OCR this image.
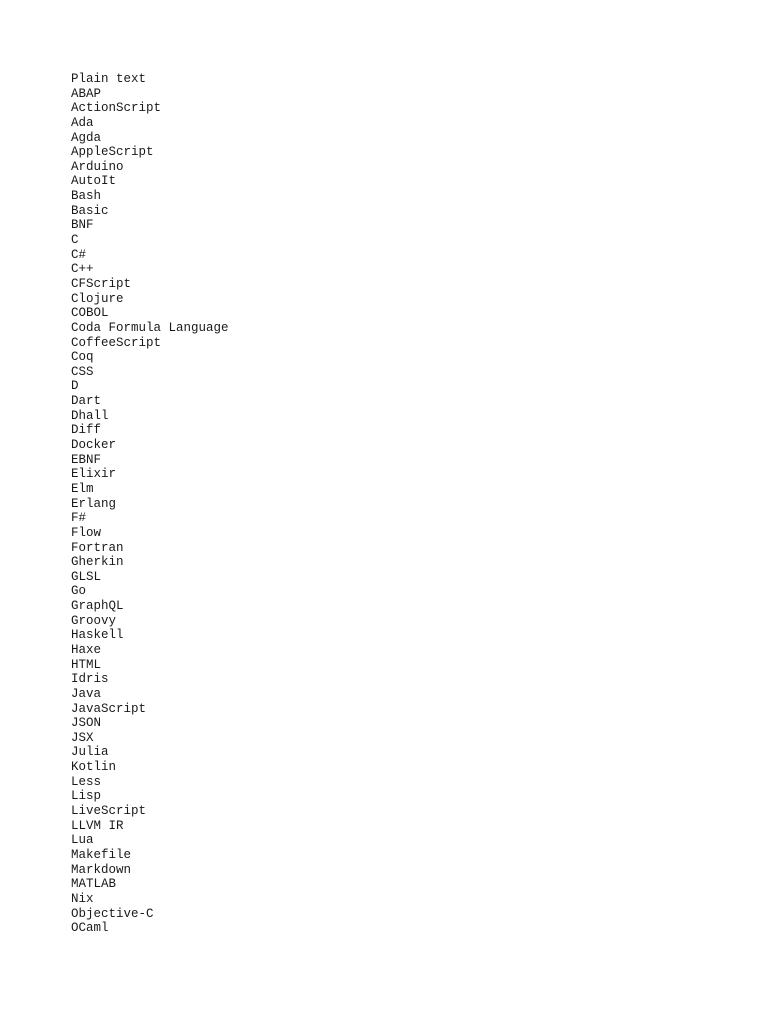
Plain text
ABAP
ActionScript
Ada
Agda
AppleScript
Arduino
AutoIt
Bash
Basic
BNF
C
C#
C++
CFScript
Clojure
COBOL
Coda Formula Language
CoffeeScript
Coq
CSS
D
Dart
Dhall
Diff
Docker
EBNF
Elixir
Elm
Erlang
F#
Flow
Fortran
Gherkin
GLSL
Go
GraphQL
Groovy
Haskell
Haxe
HTML
Idris
Java
JavaScript
JSON
JSX
Julia
Kotlin
Less
Lisp
LiveScript
LLVM IR
Lua
Makefile
Markdown
MATLAB
Nix
Objective-C
OCaml
